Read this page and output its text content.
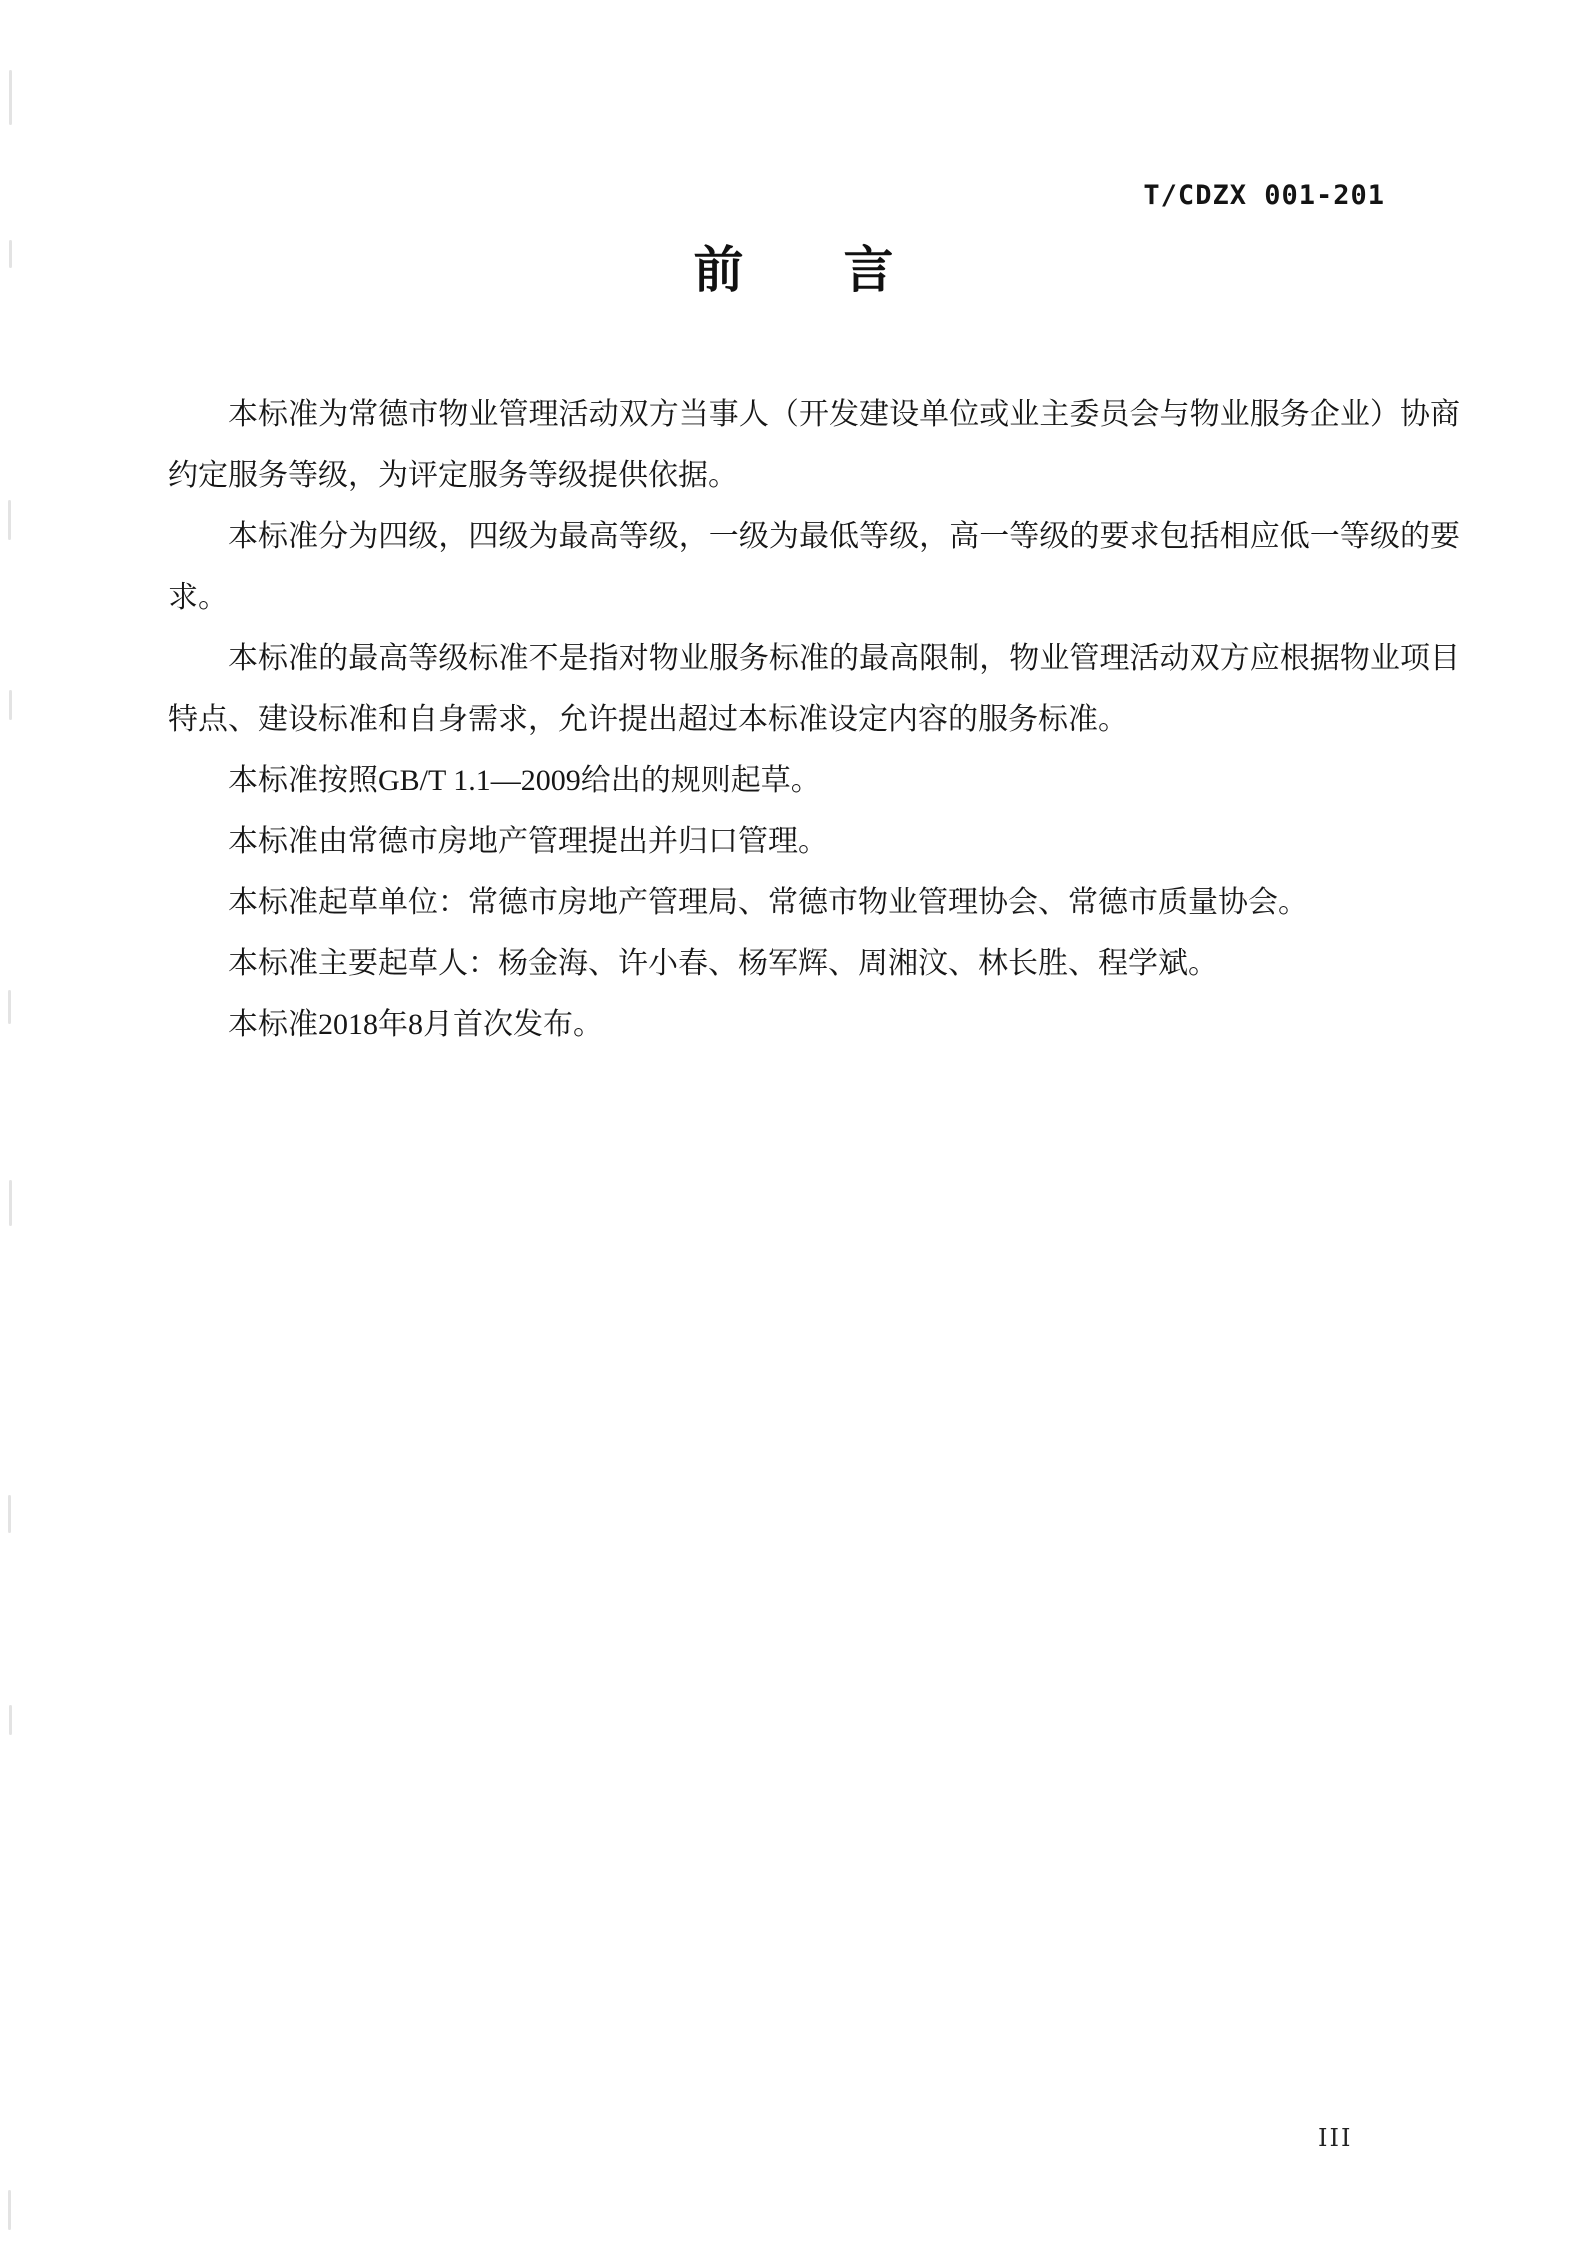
T/CDZX 001-201
前　　言

本标准为常德市物业管理活动双方当事人（开发建设单位或业主委员会与物业服务企业）协商约定服务等级，为评定服务等级提供依据。

本标准分为四级，四级为最高等级，一级为最低等级，高一等级的要求包括相应低一等级的要求。

本标准的最高等级标准不是指对物业服务标准的最高限制，物业管理活动双方应根据物业项目特点、建设标准和自身需求，允许提出超过本标准设定内容的服务标准。

本标准按照GB/T 1.1—2009给出的规则起草。

本标准由常德市房地产管理提出并归口管理。

本标准起草单位：常德市房地产管理局、常德市物业管理协会、常德市质量协会。

本标准主要起草人：杨金海、许小春、杨军辉、周湘汶、林长胜、程学斌。

本标准2018年8月首次发布。

III
